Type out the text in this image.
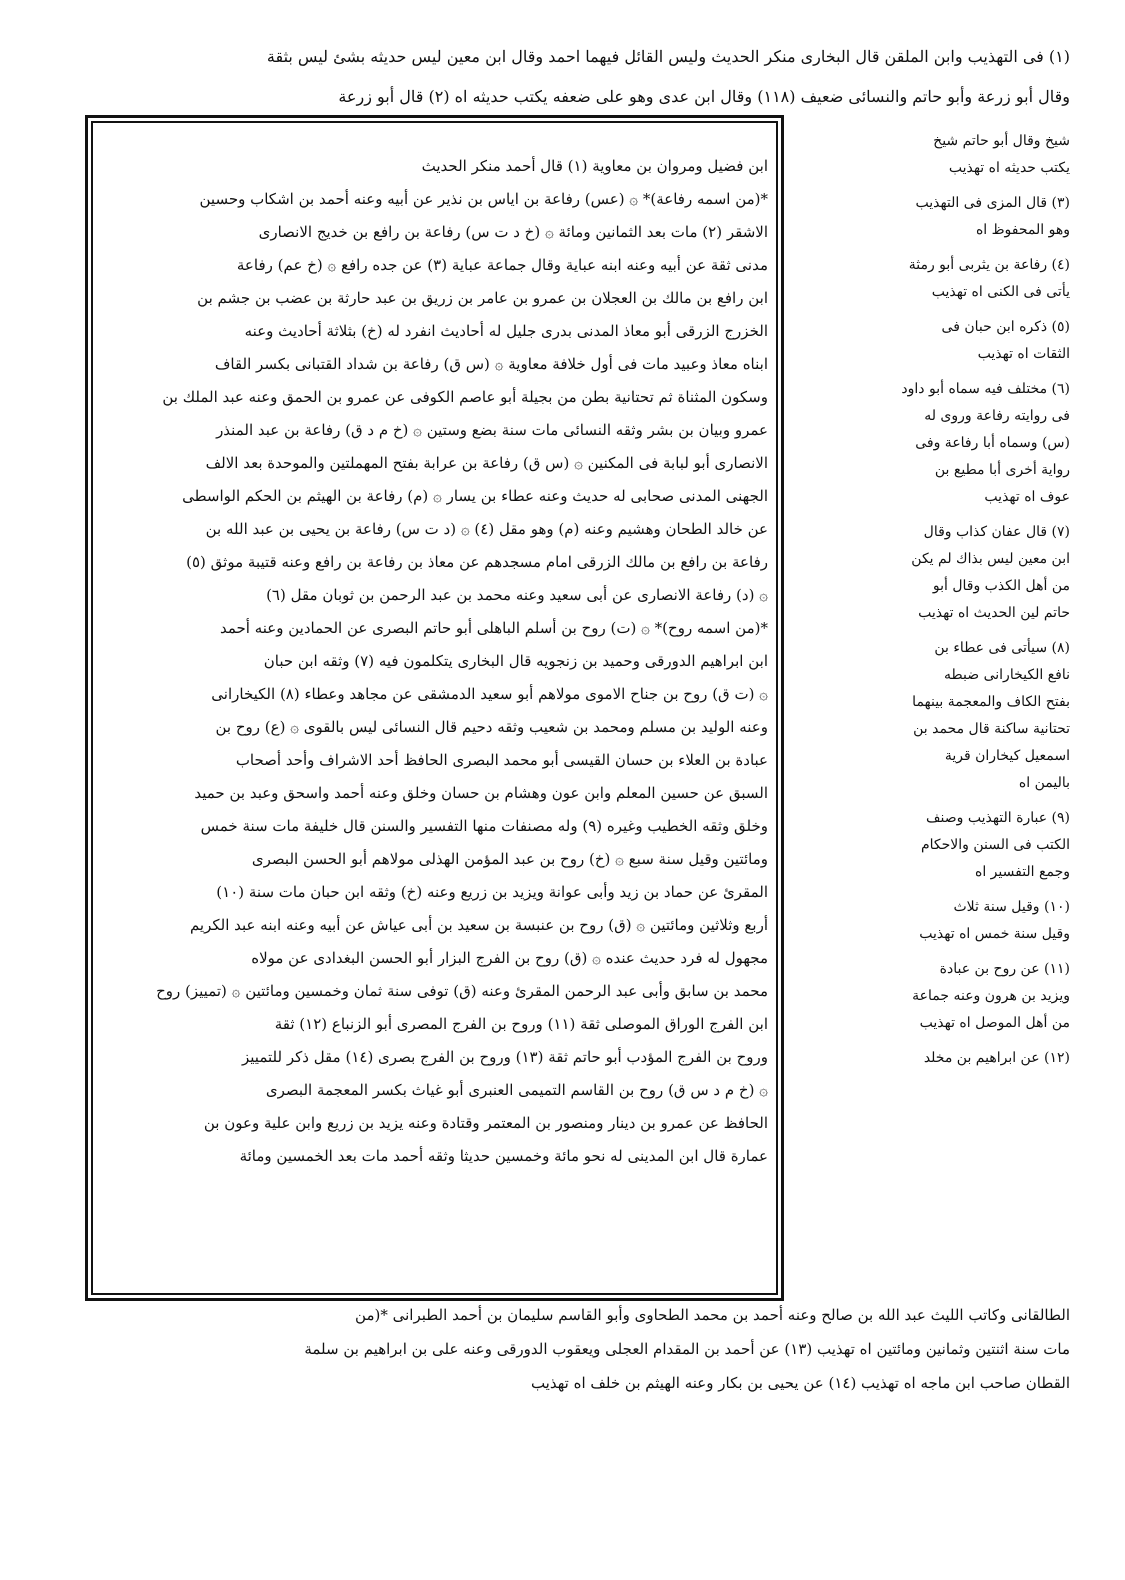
(١) فى التهذيب وابن الملقن قال البخارى منكر الحديث وليس القائل فيهما احمد وقال ابن معين ليس حديثه بشئ ليس بثقة
وقال أبو زرعة وأبو حاتم والنسائى ضعيف (١١٨) وقال ابن عدى وهو على ضعفه يكتب حديثه اه (٢) قال أبو زرعة
ابن فضيل ومروان بن معاوية (١) قال أحمد منكر الحديث
*(من اسمه رفاعة)* ۞ (عس) رفاعة بن اياس بن نذير عن أبيه وعنه أحمد بن اشكاب وحسين
الاشقر (٢) مات بعد الثمانين ومائة ۞ (خ د ت س) رفاعة بن رافع بن خديج الانصارى
مدنى ثقة عن أبيه وعنه ابنه عباية وقال جماعة عباية (٣) عن جده رافع ۞ (خ عم) رفاعة
ابن رافع بن مالك بن العجلان بن عمرو بن عامر بن زريق بن عبد حارثة بن عضب بن جشم بن
الخزرج الزرقى أبو معاذ المدنى بدرى جليل له أحاديث انفرد له (خ) بثلاثة أحاديث وعنه
ابناه معاذ وعبيد مات فى أول خلافة معاوية ۞ (س ق) رفاعة بن شداد القتبانى بكسر القاف
وسكون المثناة ثم تحتانية بطن من بجيلة أبو عاصم الكوفى عن عمرو بن الحمق وعنه عبد الملك بن
عمرو وبيان بن بشر وثقه النسائى مات سنة بضع وستين ۞ (خ م د ق) رفاعة بن عبد المنذر
الانصارى أبو لبابة فى المكنين ۞ (س ق) رفاعة بن عرابة بفتح المهملتين والموحدة بعد الالف
الجهنى المدنى صحابى له حديث وعنه عطاء بن يسار ۞ (م) رفاعة بن الهيثم بن الحكم الواسطى
عن خالد الطحان وهشيم وعنه (م) وهو مقل (٤) ۞ (د ت س) رفاعة بن يحيى بن عبد الله بن
رفاعة بن رافع بن مالك الزرقى امام مسجدهم عن معاذ بن رفاعة بن رافع وعنه قتيبة موثق (٥)
۞ (د) رفاعة الانصارى عن أبى سعيد وعنه محمد بن عبد الرحمن بن ثوبان مقل (٦)
*(من اسمه روح)* ۞ (ت) روح بن أسلم الباهلى أبو حاتم البصرى عن الحمادين وعنه أحمد
ابن ابراهيم الدورقى وحميد بن زنجويه قال البخارى يتكلمون فيه (٧) وثقه ابن حبان
۞ (ت ق) روح بن جناح الاموى مولاهم أبو سعيد الدمشقى عن مجاهد وعطاء (٨) الكيخارانى
وعنه الوليد بن مسلم ومحمد بن شعيب وثقه دحيم قال النسائى ليس بالقوى ۞ (ع) روح بن
عبادة بن العلاء بن حسان القيسى أبو محمد البصرى الحافظ أحد الاشراف وأحد أصحاب
السبق عن حسين المعلم وابن عون وهشام بن حسان وخلق وعنه أحمد واسحق وعبد بن حميد
وخلق وثقه الخطيب وغيره (٩) وله مصنفات منها التفسير والسنن قال خليفة مات سنة خمس
ومائتين وقيل سنة سبع ۞ (خ) روح بن عبد المؤمن الهذلى مولاهم أبو الحسن البصرى
المقرئ عن حماد بن زيد وأبى عوانة ويزيد بن زريع وعنه (خ) وثقه ابن حبان مات سنة (١٠)
أربع وثلاثين ومائتين ۞ (ق) روح بن عنبسة بن سعيد بن أبى عياش عن أبيه وعنه ابنه عبد الكريم
مجهول له فرد حديث عنده ۞ (ق) روح بن الفرج البزار أبو الحسن البغدادى عن مولاه
محمد بن سابق وأبى عبد الرحمن المقرئ وعنه (ق) توفى سنة ثمان وخمسين ومائتين ۞ (تمييز) روح
ابن الفرج الوراق الموصلى ثقة (١١) وروح بن الفرج المصرى أبو الزنباع (١٢) ثقة
وروح بن الفرج المؤدب أبو حاتم ثقة (١٣) وروح بن الفرج بصرى (١٤) مقل ذكر للتمييز
۞ (خ م د س ق) روح بن القاسم التميمى العنبرى أبو غياث بكسر المعجمة البصرى
الحافظ عن عمرو بن دينار ومنصور بن المعتمر وقتادة وعنه يزيد بن زريع وابن علية وعون بن
عمارة قال ابن المدينى له نحو مائة وخمسين حديثا وثقه أحمد مات بعد الخمسين ومائة
شيخ وقال أبو حاتم شيخ
يكتب حديثه اه تهذيب
(٣) قال المزى فى التهذيب
وهو المحفوظ اه
(٤) رفاعة بن يثربى أبو رمثة
يأتى فى الكنى اه تهذيب
(٥) ذكره ابن حبان فى
الثقات اه تهذيب
(٦) مختلف فيه سماه أبو داود
فى روايته رفاعة وروى له
(س) وسماه أبا رفاعة وفى
رواية أخرى أبا مطيع بن
عوف اه تهذيب
(٧) قال عفان كذاب وقال
ابن معين ليس بذاك لم يكن
من أهل الكذب وقال أبو
حاتم لين الحديث اه تهذيب
(٨) سيأتى فى عطاء بن
نافع الكيخارانى ضبطه
بفتح الكاف والمعجمة بينهما
تحتانية ساكنة قال محمد بن
اسمعيل كيخاران قرية
باليمن اه
(٩) عبارة التهذيب وصنف
الكتب فى السنن والاحكام
وجمع التفسير اه
(١٠) وقيل سنة ثلاث
وقيل سنة خمس اه تهذيب
(١١) عن روح بن عبادة
ويزيد بن هرون وعنه جماعة
من أهل الموصل اه تهذيب
(١٢) عن ابراهيم بن مخلد
الطالقانى وكاتب الليث عبد الله بن صالح وعنه أحمد بن محمد الطحاوى وأبو القاسم سليمان بن أحمد الطبرانى *(من
مات سنة اثنتين وثمانين ومائتين اه تهذيب (١٣) عن أحمد بن المقدام العجلى ويعقوب الدورقى وعنه على بن ابراهيم بن سلمة
القطان صاحب ابن ماجه اه تهذيب (١٤) عن يحيى بن بكار وعنه الهيثم بن خلف اه تهذيب
